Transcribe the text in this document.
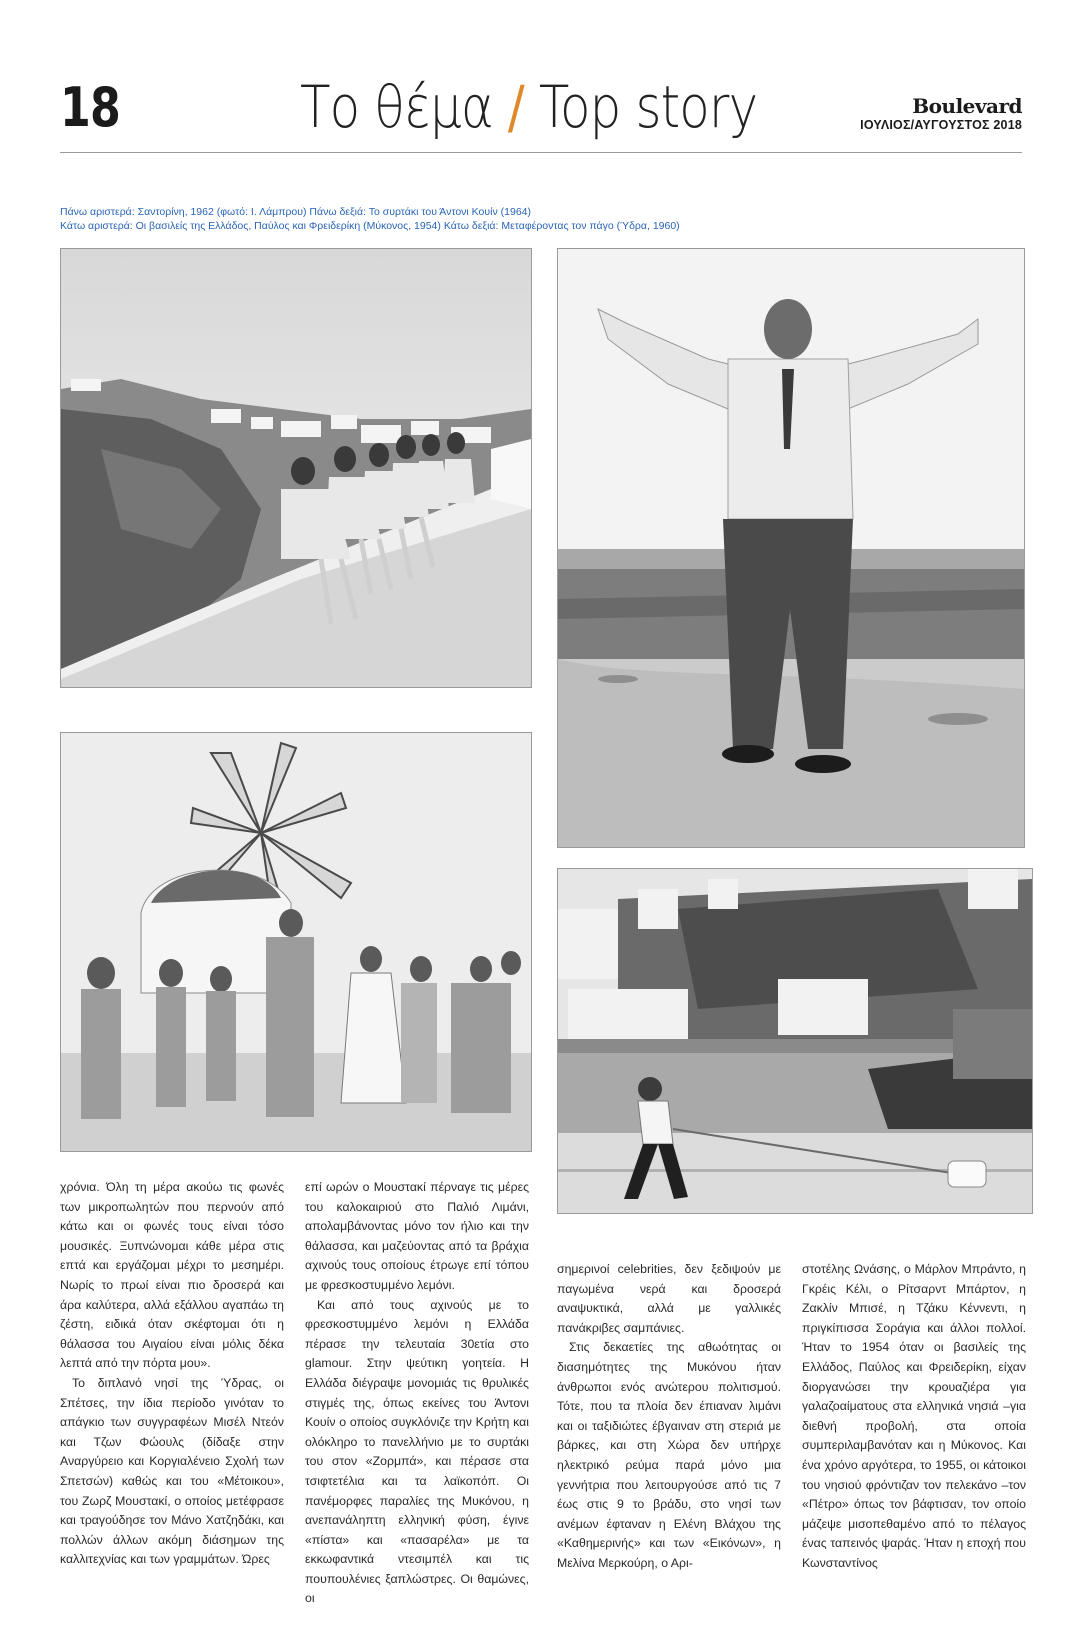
18	Το θέμα / Top story	Boulevard
ΙΟΥΛΙΟΣ/ΑΥΓΟΥΣΤΟΣ 2018
Πάνω αριστερά: Σαντορίνη, 1962 (φωτό: Ι. Λάμπρου) Πάνω δεξιά: Το συρτάκι του Άντονι Κουίν (1964)
Κάτω αριστερά: Οι βασιλείς της Ελλάδος, Παύλος και Φρειδερίκη (Μύκονος, 1954) Κάτω δεξιά: Μεταφέροντας τον πάγο (Ύδρα, 1960)

χρόνια. Όλη τη μέρα ακούω τις φωνές των μικροπωλητών που περνούν από κάτω και οι φωνές τους είναι τόσο μουσικές. Ξυπνώνομαι κάθε μέρα στις επτά και εργάζομαι μέχρι το μεσημέρι. Νωρίς το πρωί είναι πιο δροσερά και άρα καλύτερα, αλλά εξάλλου αγαπάω τη ζέστη, ειδικά όταν σκέφτομαι ότι η θάλασσα του Αιγαίου είναι μόλις δέκα λεπτά από την πόρτα μου».

Το διπλανό νησί της Ύδρας, οι Σπέτσες, την ίδια περίοδο γινόταν το απάγκιο των συγγραφέων Μισέλ Ντεόν και Τζων Φώουλς (δίδαξε στην Αναργύρειο και Κοργιαλένειο Σχολή των Σπετσών) καθώς και του «Μέτοικου», του Ζωρζ Μουστακί, ο οποίος μετέφρασε και τραγούδησε τον Μάνο Χατζηδάκι, και πολλών άλλων ακόμη διάσημων της καλλιτεχνίας και των γραμμάτων. Ώρες

επί ωρών ο Μουστακί πέρναγε τις μέρες του καλοκαιριού στο Παλιό Λιμάνι, απολαμβάνοντας μόνο τον ήλιο και την θάλασσα, και μαζεύοντας από τα βράχια αχινούς τους οποίους έτρωγε επί τόπου με φρεσκοστυμμένο λεμόνι.

Και από τους αχινούς με το φρεσκοστυμμένο λεμόνι η Ελλάδα πέρασε την τελευταία 30ετία στο glamour. Στην ψεύτικη γοητεία. Η Ελλάδα διέγραψε μονομιάς τις θρυλικές στιγμές της, όπως εκείνες του Άντονι Κουίν ο οποίος συγκλόνιζε την Κρήτη και ολόκληρο το πανελλήνιο με το συρτάκι του στον «Ζορμπά», και πέρασε στα τσιφτετέλια και τα λαϊκοπόπ. Οι πανέμορφες παραλίες της Μυκόνου, η ανεπανάληπτη ελληνική φύση, έγινε «πίστα» και «πασαρέλα» με τα εκκωφαντικά ντεσιμπέλ και τις πουπουλένιες ξαπλώστρες. Οι θαμώνες, οι

σημερινοί celebrities, δεν ξεδιψούν με παγωμένα νερά και δροσερά αναψυκτικά, αλλά με γαλλικές πανάκριβες σαμπάνιες.

Στις δεκαετίες της αθωότητας οι διασημότητες της Μυκόνου ήταν άνθρωποι ενός ανώτερου πολιτισμού. Τότε, που τα πλοία δεν έπιαναν λιμάνι και οι ταξιδιώτες έβγαιναν στη στεριά με βάρκες, και στη Χώρα δεν υπήρχε ηλεκτρικό ρεύμα παρά μόνο μια γεννήτρια που λειτουργούσε από τις 7 έως στις 9 το βράδυ, στο νησί των ανέμων έφταναν η Ελένη Βλάχου της «Καθημερινής» και των «Εικόνων», η Μελίνα Μερκούρη, ο Αρι-

στοτέλης Ωνάσης, ο Μάρλον Μπράντο, η Γκρέις Κέλι, ο Ρίτσαρντ Μπάρτον, η Ζακλίν Μπισέ, η Τζάκυ Κέννεντι, η πριγκίπισσα Σοράγια και άλλοι πολλοί. Ήταν το 1954 όταν οι βασιλείς της Ελλάδος, Παύλος και Φρειδερίκη, είχαν διοργανώσει την κρουαζιέρα για γαλαζοαίματους στα ελληνικά νησιά –για διεθνή προβολή, στα οποία συμπεριλαμβανόταν και η Μύκονος. Και ένα χρόνο αργότερα, το 1955, οι κάτοικοι του νησιού φρόντιζαν τον πελεκάνο –τον «Πέτρο» όπως τον βάφτισαν, τον οποίο μάζεψε μισοπεθαμένο από το πέλαγος ένας ταπεινός ψαράς. Ήταν η εποχή που Κωνσταντίνος
